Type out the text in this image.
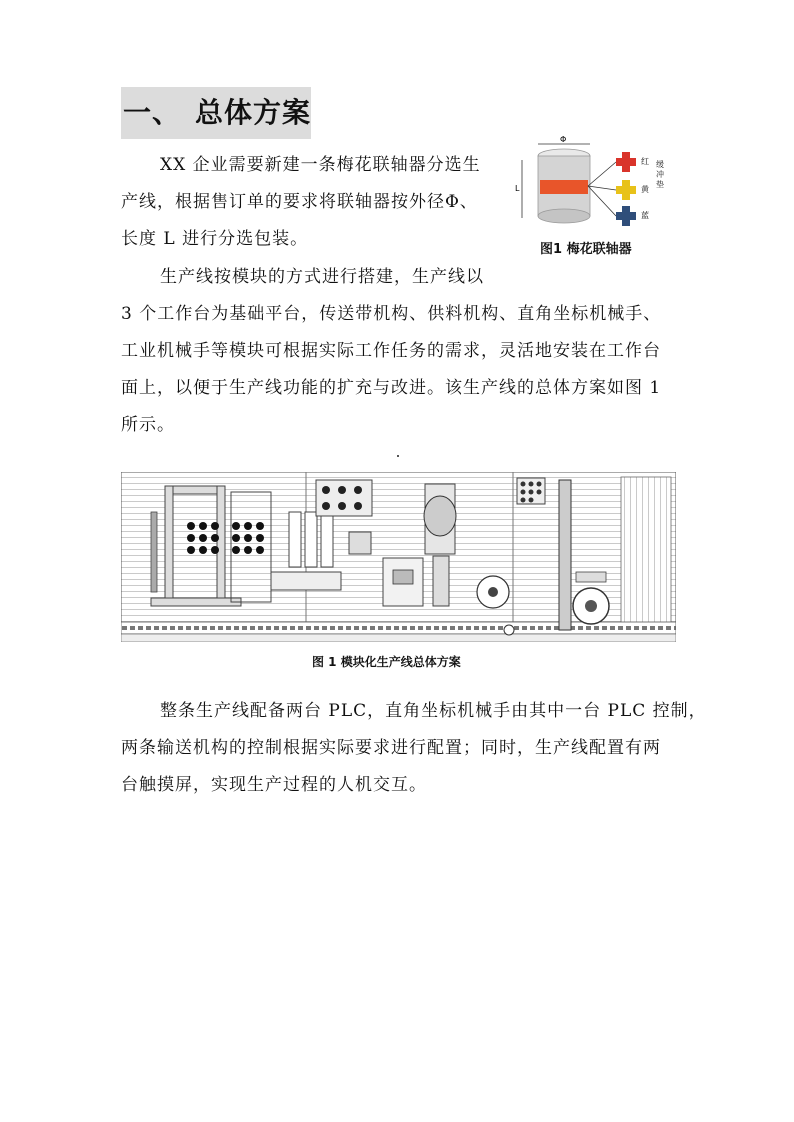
一、 总体方案
XX 企业需要新建一条梅花联轴器分选生
产线，根据售订单的要求将联轴器按外径Φ、
长度 L 进行分选包装。
Φ
L
红
黄
蓝
缓冲垫
图1 梅花联轴器
生产线按模块的方式进行搭建，生产线以
3 个工作台为基础平台，传送带机构、供料机构、直角坐标机械手、
工业机械手等模块可根据实际工作任务的需求，灵活地安装在工作台
面上，以便于生产线功能的扩充与改进。该生产线的总体方案如图 1
所示。
图 1 模块化生产线总体方案
整条生产线配备两台 PLC，直角坐标机械手由其中一台 PLC 控制，
两条输送机构的控制根据实际要求进行配置；同时，生产线配置有两
台触摸屏，实现生产过程的人机交互。
